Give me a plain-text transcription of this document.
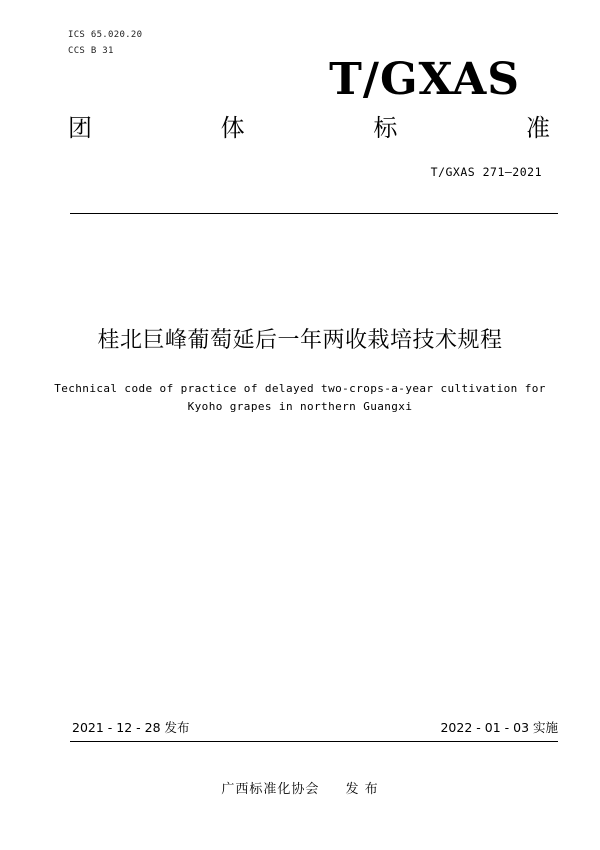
ICS 65.020.20
CCS B 31
T/GXAS
团	体	标	准
T/GXAS 271—2021
桂北巨峰葡萄延后一年两收栽培技术规程
Technical code of practice of delayed two-crops-a-year cultivation for
Kyoho grapes in northern Guangxi
2021 - 12 - 28 发布	2022 - 01 - 03 实施
广西标准化协会 发 布
